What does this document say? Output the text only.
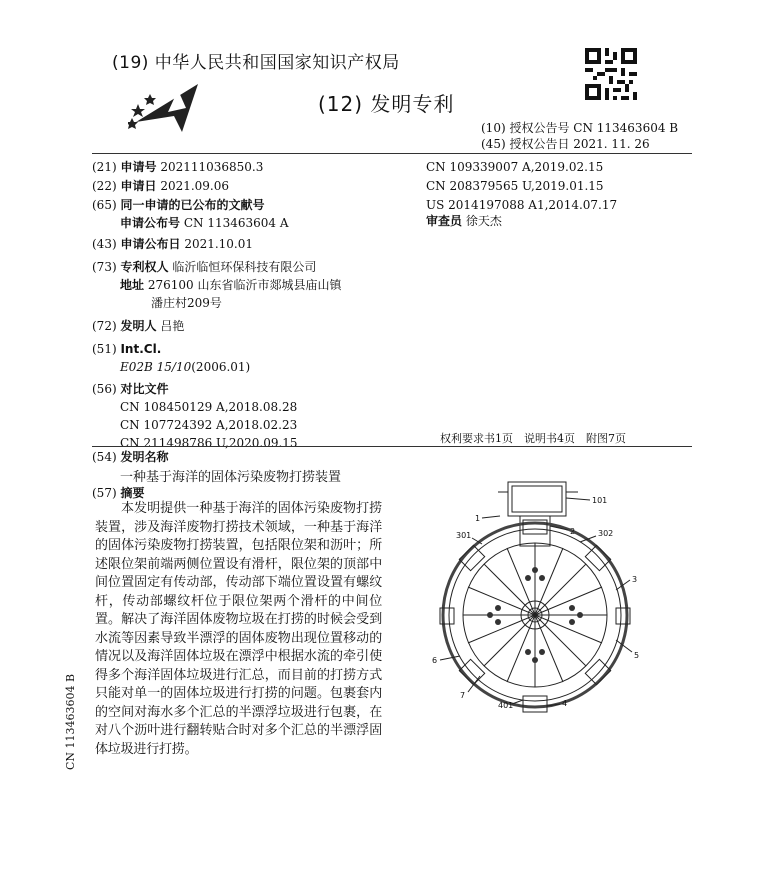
(19) 中华人民共和国国家知识产权局
(12) 发明专利
(10) 授权公告号 CN 113463604 B
(45) 授权公告日 2021. 11. 26
(21) 申请号 202111036850.3
(22) 申请日 2021.09.06
(65) 同一申请的已公布的文献号
申请公布号 CN 113463604 A
(43) 申请公布日 2021.10.01
(73) 专利权人 临沂临恒环保科技有限公司
地址 276100 山东省临沂市郯城县庙山镇
潘庄村209号
(72) 发明人 吕艳
(51) Int.Cl.
E02B 15/10(2006.01)
(56) 对比文件
CN 108450129 A,2018.08.28
CN 107724392 A,2018.02.23
CN 211498786 U,2020.09.15
CN 109339007 A,2019.02.15
CN 208379565 U,2019.01.15
US 2014197088 A1,2014.07.17
审查员 徐天杰
权利要求书1页　说明书4页　附图7页
(54) 发明名称
一种基于海洋的固体污染废物打捞装置
(57) 摘要
本发明提供一种基于海洋的固体污染废物打捞装置，涉及海洋废物打捞技术领域，一种基于海洋的固体污染废物打捞装置，包括限位架和沥叶；所述限位架前端两侧位置设有滑杆，限位架的顶部中间位置固定有传动部，传动部下端位置设置有螺纹杆，传动部螺纹杆位于限位架两个滑杆的中间位置。解决了海洋固体废物垃圾在打捞的时候会受到水流等因素导致半漂浮的固体废物出现位置移动的情况以及海洋固体垃圾在漂浮中根据水流的牵引使得多个海洋固体垃圾进行汇总，而目前的打捞方式只能对单一的固体垃圾进行打捞的问题。包裹套内的空间对海水多个汇总的半漂浮垃圾进行包裹，在对八个沥叶进行翻转贴合时对多个汇总的半漂浮固体垃圾进行打捞。
CN 113463604 B
101
1
2
301	302
3
5
6
7
401	4
